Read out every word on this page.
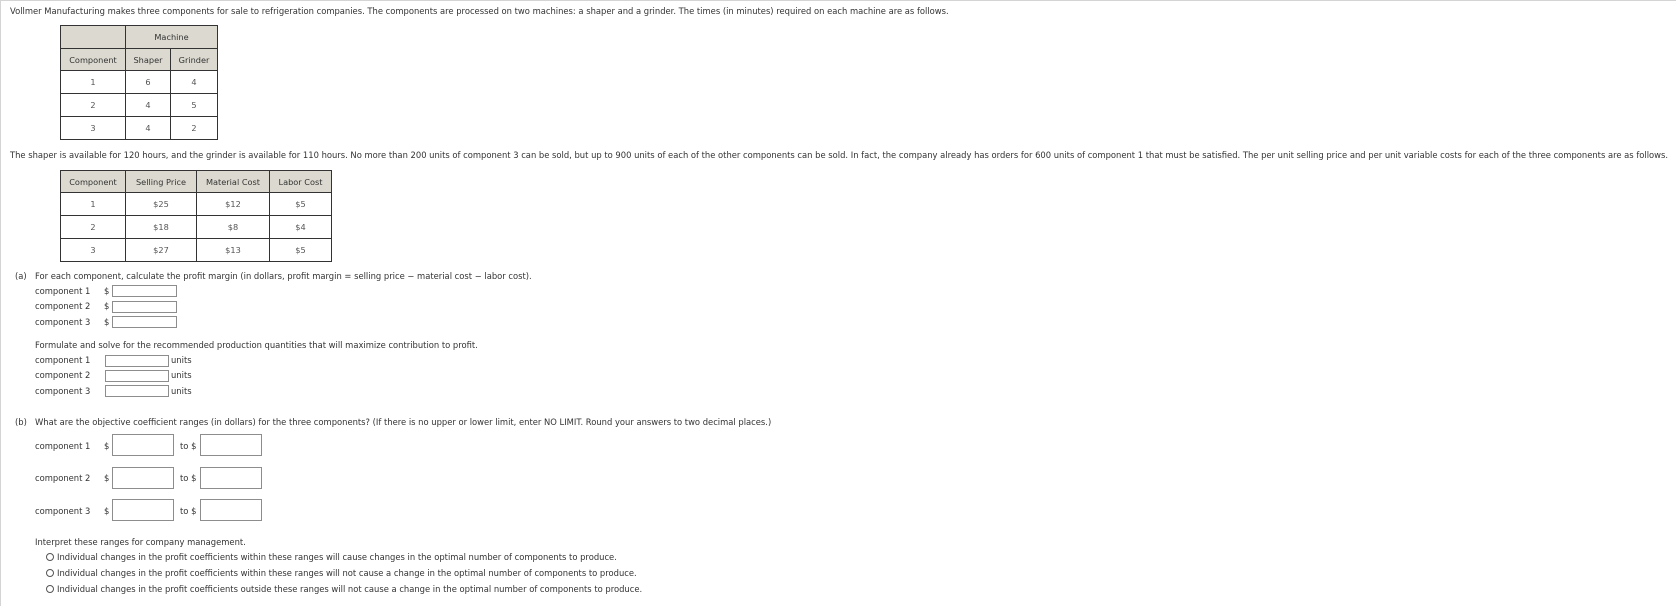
Vollmer Manufacturing makes three components for sale to refrigeration companies. The components are processed on two machines: a shaper and a grinder. The times (in minutes) required on each machine are as follows.
	Machine	
Component	Shaper	Grinder
1	6	4
2	4	5
3	4	2
The shaper is available for 120 hours, and the grinder is available for 110 hours. No more than 200 units of component 3 can be sold, but up to 900 units of each of the other components can be sold. In fact, the company already has orders for 600 units of component 1 that must be satisfied. The per unit selling price and per unit variable costs for each of the three components are as follows.
Component	Selling Price	Material Cost	Labor Cost
1	$25	$12	$5
2	$18	$8	$4
3	$27	$13	$5
(a) For each component, calculate the profit margin (in dollars, profit margin = selling price − material cost − labor cost).
component 1 $
component 2 $
component 3 $
Formulate and solve for the recommended production quantities that will maximize contribution to profit.
component 1	units
component 2	units
component 3	units
(b) What are the objective coefficient ranges (in dollars) for the three components? (If there is no upper or lower limit, enter NO LIMIT. Round your answers to two decimal places.)
component 1 $	to $
component 2 $	to $
component 3 $	to $
Interpret these ranges for company management.
Individual changes in the profit coefficients within these ranges will cause changes in the optimal number of components to produce.
Individual changes in the profit coefficients within these ranges will not cause a change in the optimal number of components to produce.
Individual changes in the profit coefficients outside these ranges will not cause a change in the optimal number of components to produce.
